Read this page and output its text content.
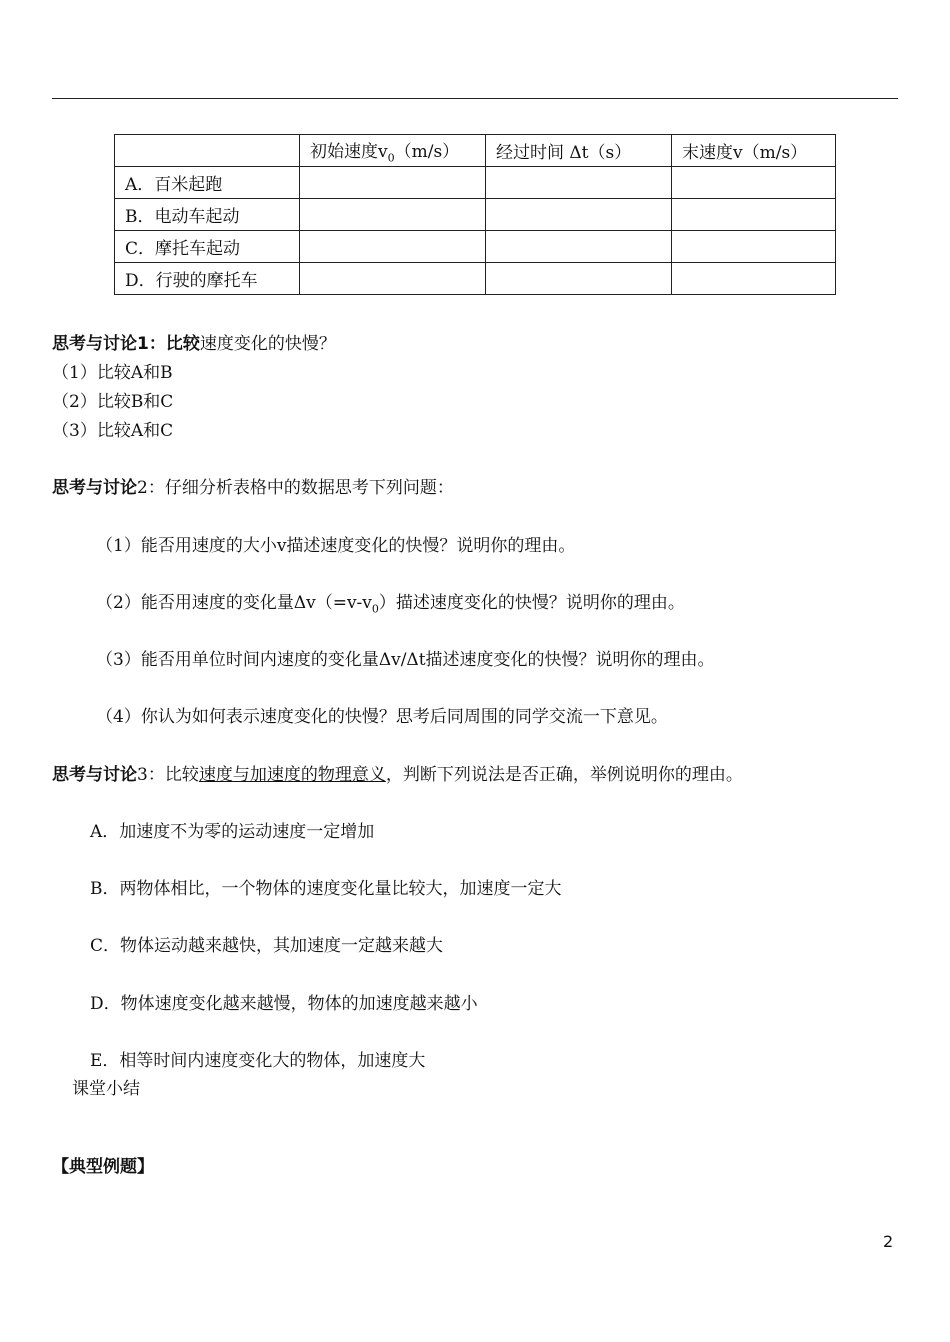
	初始速度$v_0(m/s)$	经过时间 Δt（s）	末速度v（m/s）
A．百米起跑			
B．电动车起动			
C．摩托车起动			
D．行驶的摩托车			
思考与讨论1：比较速度变化的快慢？
（1）比较A和B
（2）比较B和C
（3）比较A和C
思考与讨论2：仔细分析表格中的数据思考下列问题：
（1）能否用速度的大小v描述速度变化的快慢？说明你的理由。
（2）能否用速度的变化量$\Delta v(=v-v_0)$描述速度变化的快慢？说明你的理由。
（3）能否用单位时间内速度的变化量Δv/Δt描述速度变化的快慢？说明你的理由。
（4）你认为如何表示速度变化的快慢？思考后同周围的同学交流一下意见。
思考与讨论3：比较速度与加速度的物理意义，判断下列说法是否正确，举例说明你的理由。
A．加速度不为零的运动速度一定增加
B．两物体相比，一个物体的速度变化量比较大，加速度一定大
C．物体运动越来越快，其加速度一定越来越大
D．物体速度变化越来越慢，物体的加速度越来越小
E．相等时间内速度变化大的物体，加速度大
课堂小结
【典型例题】
2
